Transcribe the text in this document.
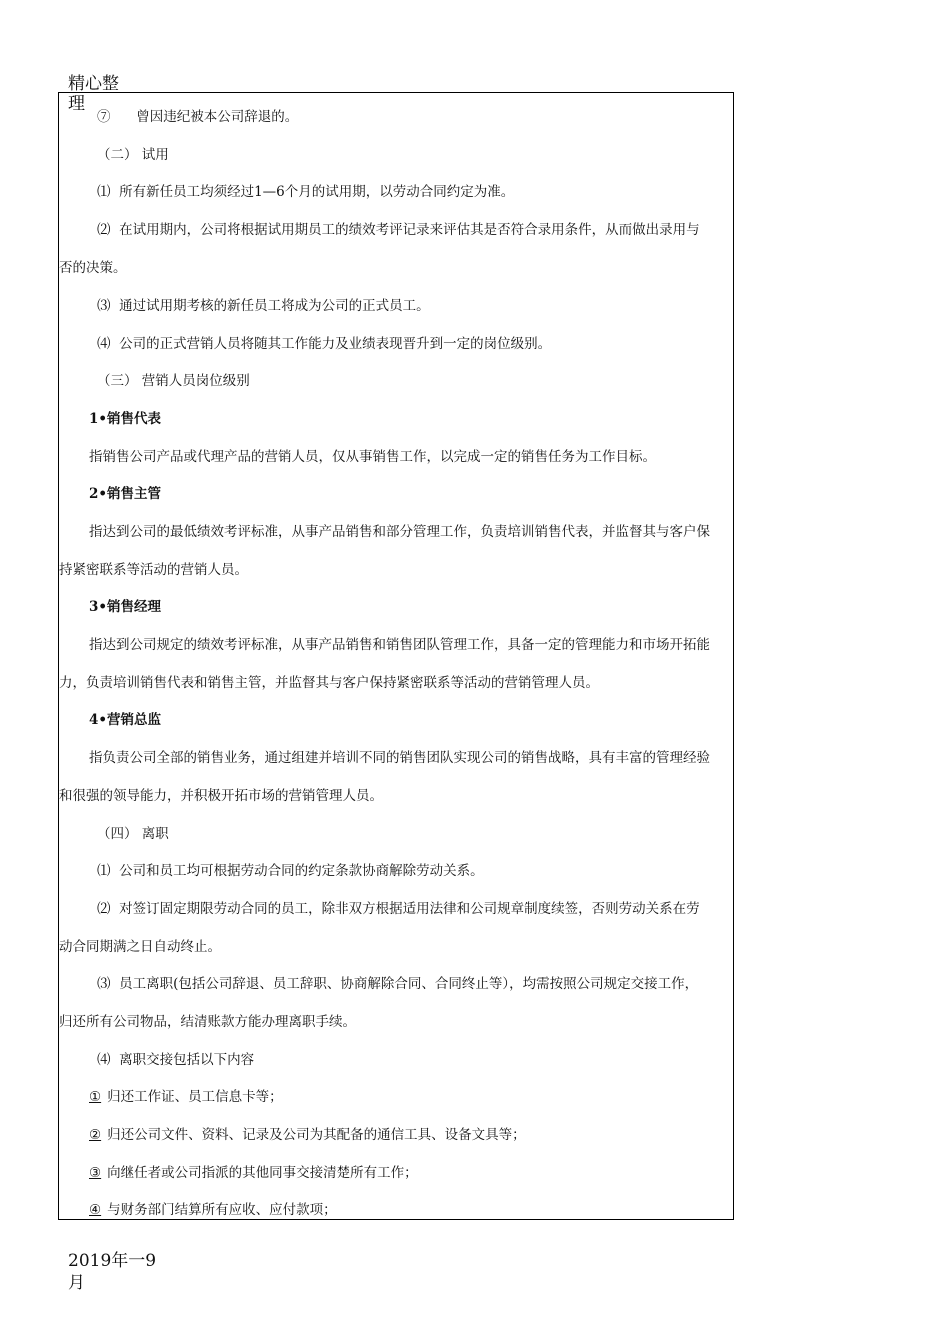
精心整理
⑦ 曾因违纪被本公司辞退的。
（二） 试用
⑴ 所有新任员工均须经过1—6个月的试用期，以劳动合同约定为准。
⑵ 在试用期内，公司将根据试用期员工的绩效考评记录来评估其是否符合录用条件，从而做出录用与
否的决策。
⑶ 通过试用期考核的新任员工将成为公司的正式员工。
⑷ 公司的正式营销人员将随其工作能力及业绩表现晋升到一定的岗位级别。
（三） 营销人员岗位级别
1•销售代表
指销售公司产品或代理产品的营销人员，仅从事销售工作，以完成一定的销售任务为工作目标。
2•销售主管
指达到公司的最低绩效考评标准，从事产品销售和部分管理工作，负责培训销售代表，并监督其与客户保
持紧密联系等活动的营销人员。
3•销售经理
指达到公司规定的绩效考评标准，从事产品销售和销售团队管理工作，具备一定的管理能力和市场开拓能
力，负责培训销售代表和销售主管，并监督其与客户保持紧密联系等活动的营销管理人员。
4•营销总监
指负责公司全部的销售业务，通过组建并培训不同的销售团队实现公司的销售战略，具有丰富的管理经验
和很强的领导能力，并积极开拓市场的营销管理人员。
（四） 离职
⑴ 公司和员工均可根据劳动合同的约定条款协商解除劳动关系。
⑵ 对签订固定期限劳动合同的员工，除非双方根据适用法律和公司规章制度续签，否则劳动关系在劳
动合同期满之日自动终止。
⑶ 员工离职(包括公司辞退、员工辞职、协商解除合同、合同终止等），均需按照公司规定交接工作，
归还所有公司物品，结清账款方能办理离职手续。
⑷ 离职交接包括以下内容
① 归还工作证、员工信息卡等；
② 归还公司文件、资料、记录及公司为其配备的通信工具、设备文具等；
③ 向继任者或公司指派的其他同事交接清楚所有工作；
④ 与财务部门结算所有应收、应付款项；
2019年一9月
